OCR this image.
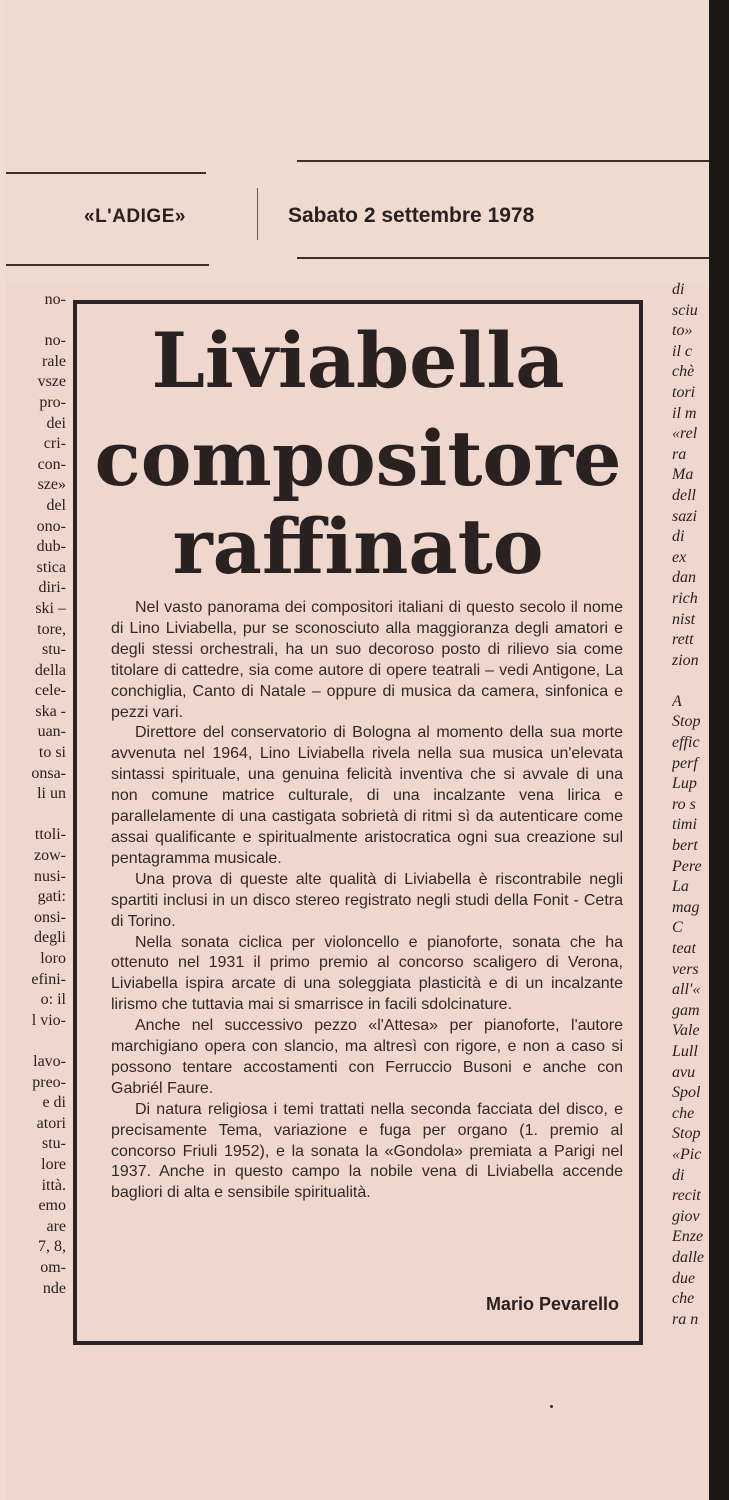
«L'ADIGE»	Sabato 2 settembre 1978
no-
no-
rale
vsze
pro-
dei
cri-
con-
sze»
del
ono-
dub-
stica
diri-
ski –
tore,
stu-
della
cele-
ska -
uan-
to si
onsa-
li un
ttoli-
zow-
nusi-
gati:
onsi-
degli
loro
efini-
o: il
l vio-
lavo-
preo-
e di
atori
stu-
lore
ittà.
emo
are
7, 8,
om-
nde
di
sciu
to»
il c
chè
tori
il m
«rel
ra
Ma
dell
sazi
di
ex
dan
rich
nist
rett
zion
A
Stop
effic
perf
Lup
ro s
timi
bert
Pere
La
mag
C
teat
vers
all'«
gam
Vale
Lull
avu
Spol
che
Stop
«Pic
di
recit
giov
Enze
dalle
due
che
ra n
Liviabella
compositore
raffinato

Nel vasto panorama dei compositori italiani di questo secolo il nome di Lino Liviabella, pur se sconosciuto alla maggioranza degli amatori e degli stessi orchestrali, ha un suo decoroso posto di rilievo sia come titolare di cattedre, sia come autore di opere teatrali – vedi Antigone, La conchiglia, Canto di Natale – oppure di musica da camera, sinfonica e pezzi vari.

Direttore del conservatorio di Bologna al momento della sua morte avvenuta nel 1964, Lino Liviabella rivela nella sua musica un'elevata sintassi spirituale, una genuina felicità inventiva che si avvale di una non comune matrice culturale, di una incalzante vena lirica e parallelamente di una castigata sobrietà di ritmi sì da autenticare come assai qualificante e spiritualmente aristocratica ogni sua creazione sul pentagramma musicale.

Una prova di queste alte qualità di Liviabella è riscontrabile negli spartiti inclusi in un disco stereo registrato negli studi della Fonit - Cetra di Torino.

Nella sonata ciclica per violoncello e pianoforte, sonata che ha ottenuto nel 1931 il primo premio al concorso scaligero di Verona, Liviabella ispira arcate di una soleggiata plasticità e di un incalzante lirismo che tuttavia mai si smarrisce in facili sdolcinature.

Anche nel successivo pezzo «l'Attesa» per pianoforte, l'autore marchigiano opera con slancio, ma altresì con rigore, e non a caso si possono tentare accostamenti con Ferruccio Busoni e anche con Gabriél Faure.

Di natura religiosa i temi trattati nella seconda facciata del disco, e precisamente Tema, variazione e fuga per organo (1. premio al concorso Friuli 1952), e la sonata la «Gondola» premiata a Parigi nel 1937. Anche in questo campo la nobile vena di Liviabella accende bagliori di alta e sensibile spiritualità.

Mario Pevarello
